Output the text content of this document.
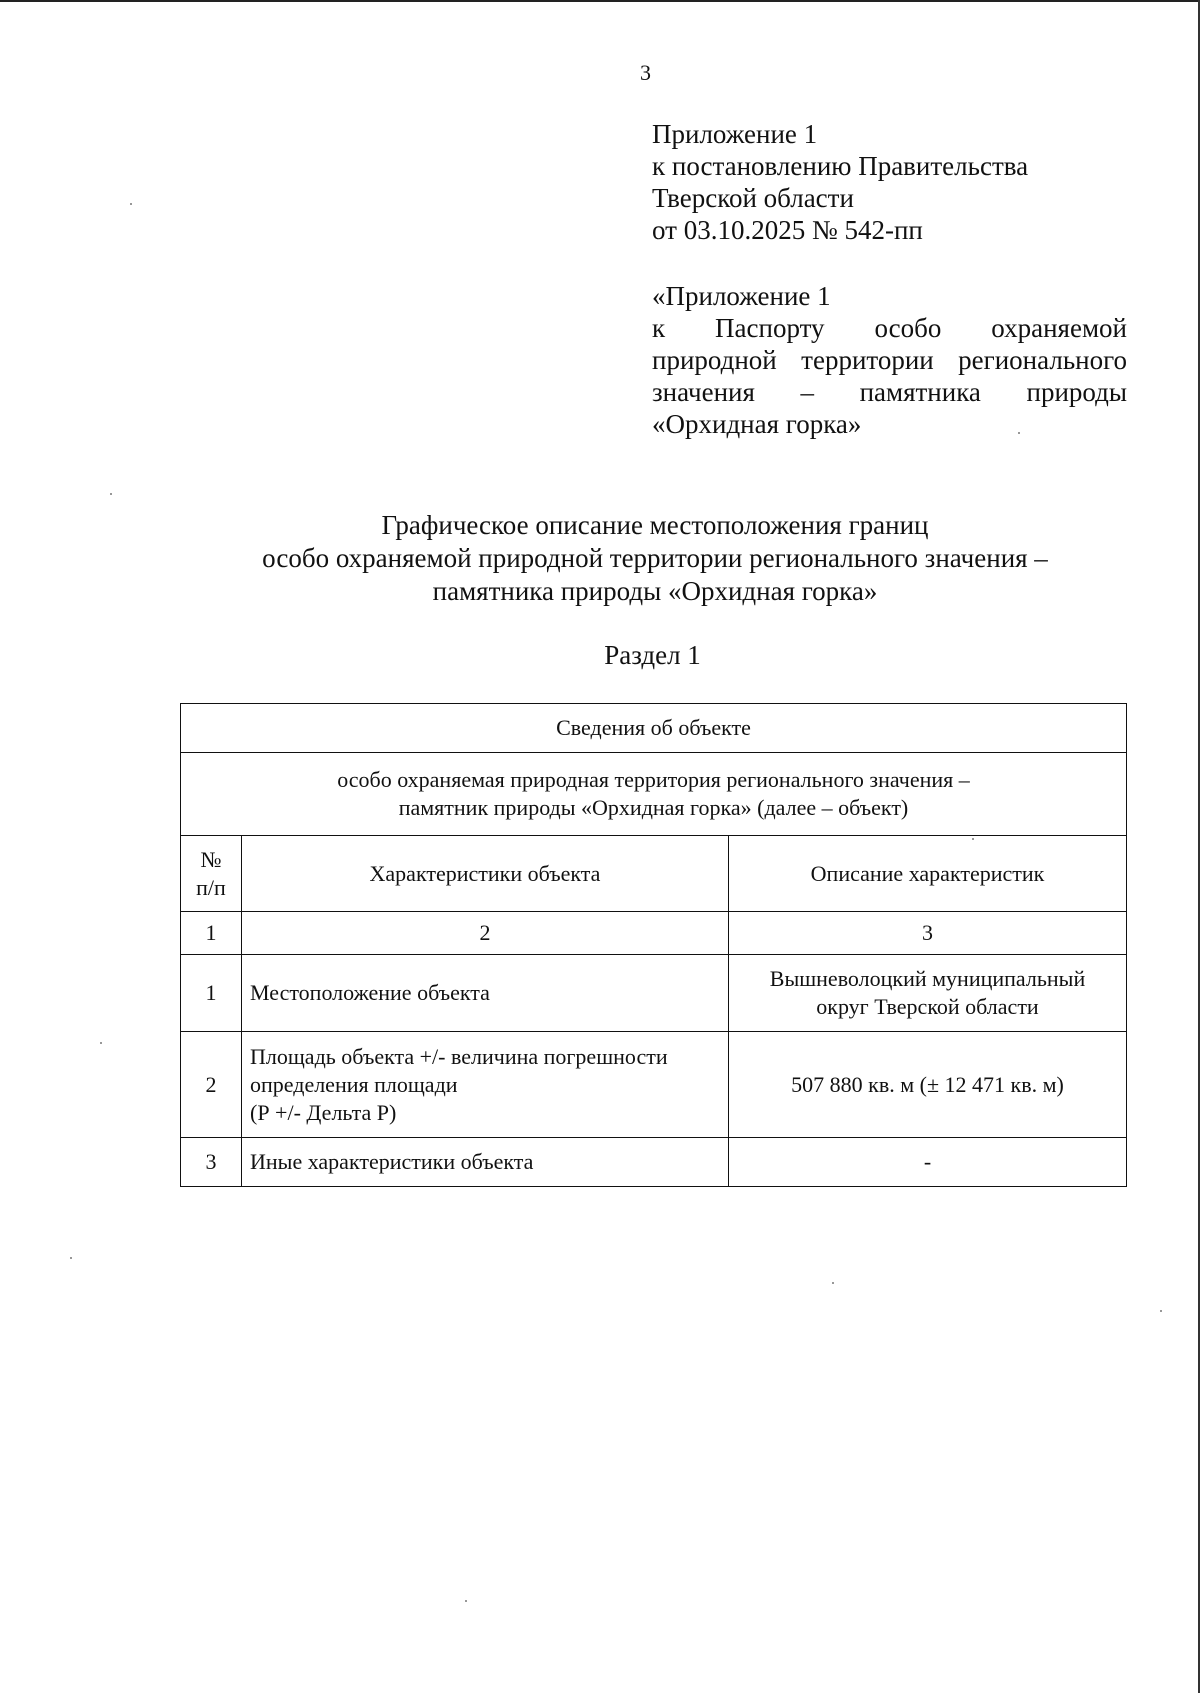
3
Приложение 1
к постановлению Правительства
Тверской области
от 03.10.2025 № 542-пп
«Приложение 1
к Паспорту особо охраняемой
природной территории регионального
значения – памятника природы
«Орхидная горка»
Графическое описание местоположения границ
особо охраняемой природной территории регионального значения –
памятника природы «Орхидная горка»
Раздел 1
Сведения об объекте		

особо охраняемая природная территория регионального значения –
памятник природы «Орхидная горка» (далее – объект)		

№
п/п	Характеристики объекта	Описание характеристик
1	2	3
1	Местоположение объекта	Вышневолоцкий муниципальный
округ Тверской области

2	Площадь объекта +/- величина погрешности
определения площади
(Р +/- Дельта Р)	507 880 кв. м (± 12 471 кв. м)

3	Иные характеристики объекта	-
